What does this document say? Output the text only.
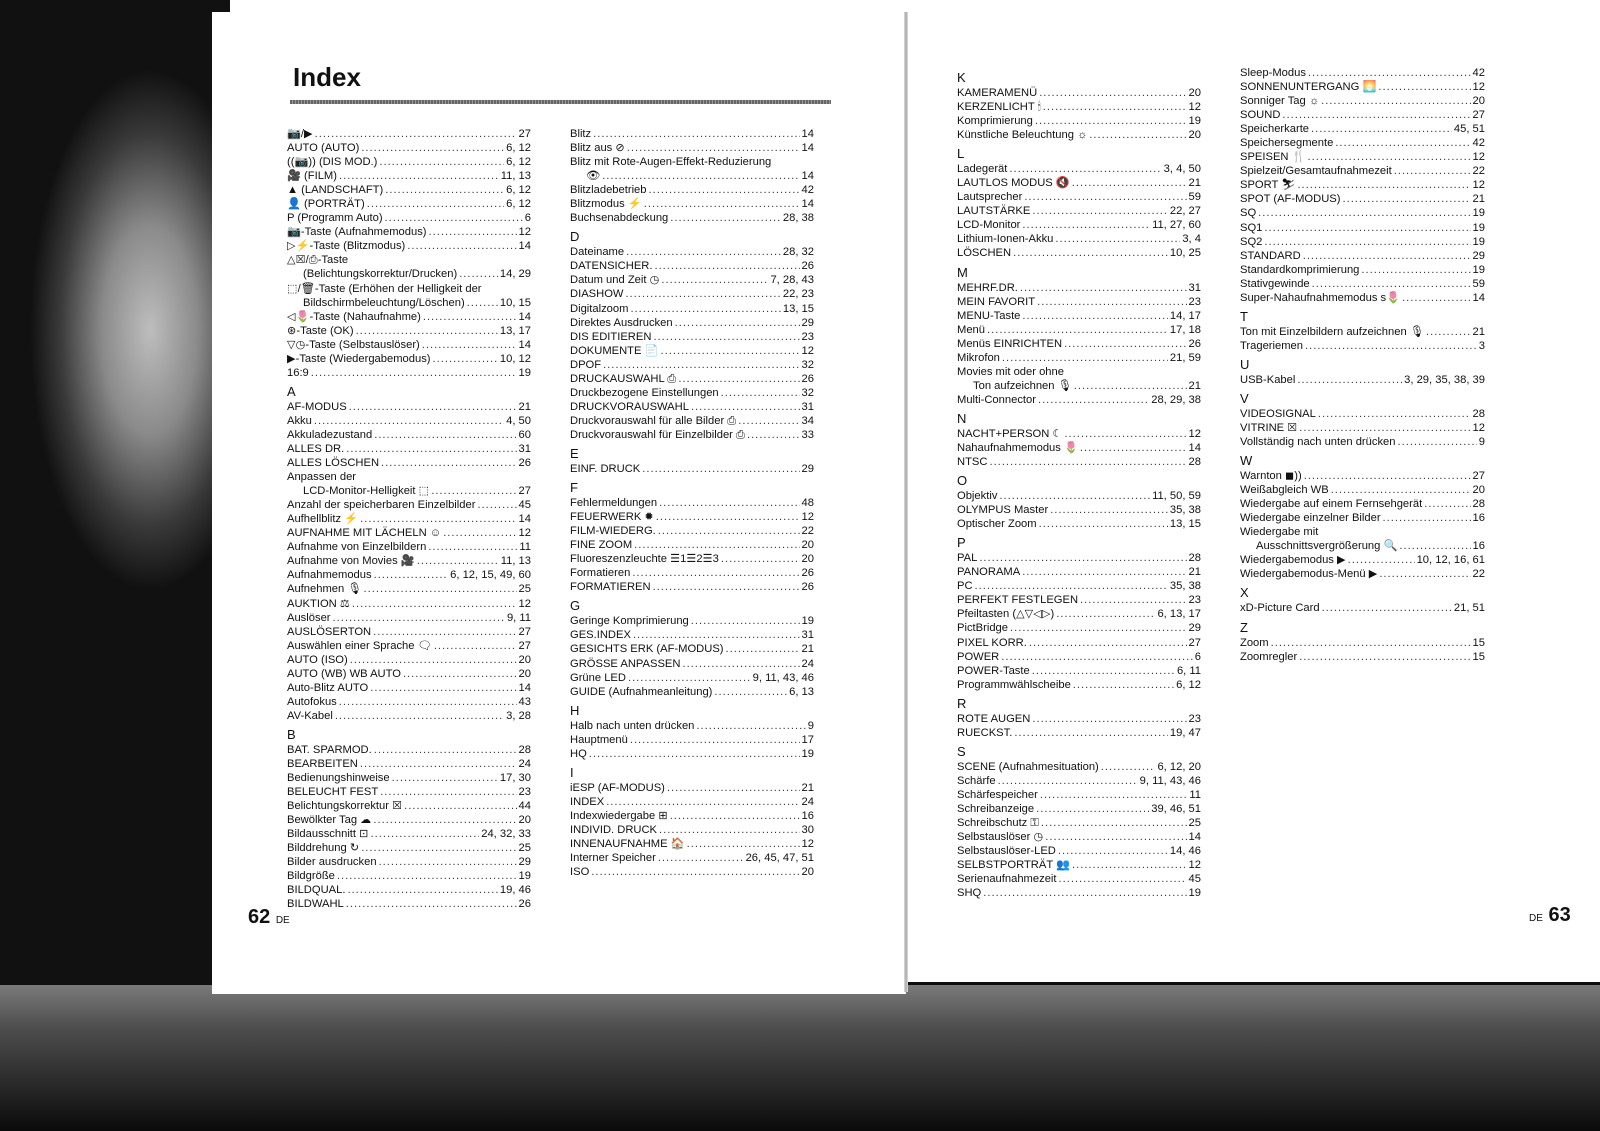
Index
📷/▶ .....	27
AUTO (AUTO) .....	6, 12
((📷)) (DIS MOD.) .....	6, 12
🎥 (FILM) .....	11, 13
▲ (LANDSCHAFT) .....	6, 12
👤 (PORTRÄT) .....	6, 12
P (Programm Auto) .....	6
📷-Taste (Aufnahmemodus) .....	12
▷⚡-Taste (Blitzmodus) .....	14
△☒/⎙-Taste
(Belichtungskorrektur/Drucken) .....	14, 29
⬚/🗑-Taste (Erhöhen der Helligkeit der
Bildschirmbeleuchtung/Löschen) .....	10, 15
◁🌷-Taste (Nahaufnahme) .....	14
⊛-Taste (OK) .....	13, 17
▽◷-Taste (Selbstauslöser) .....	14
▶-Taste (Wiedergabemodus) .....	10, 12
16:9 .....	19
A
AF-MODUS .....	21
Akku .....	4, 50
Akkuladezustand .....	60
ALLES DR. .....	31
ALLES LÖSCHEN .....	26
Anpassen der
LCD-Monitor-Helligkeit ⬚ .....	27
Anzahl der speicherbaren Einzelbilder .....	45
Aufhellblitz ⚡ .....	14
AUFNAHME MIT LÄCHELN ☺ .....	12
Aufnahme von Einzelbildern .....	11
Aufnahme von Movies 🎥 .....	11, 13
Aufnahmemodus .....	6, 12, 15, 49, 60
Aufnehmen 🎙 .....	25
AUKTION ⚖ .....	12
Auslöser .....	9, 11
AUSLÖSERTON .....	27
Auswählen einer Sprache 🗨 .....	27
AUTO (ISO) .....	20
AUTO (WB) WB AUTO .....	20
Auto-Blitz AUTO .....	14
Autofokus .....	43
AV-Kabel .....	3, 28
B
BAT. SPARMOD. .....	28
BEARBEITEN .....	24
Bedienungshinweise .....	17, 30
BELEUCHT FEST .....	23
Belichtungskorrektur ☒ .....	44
Bewölkter Tag ☁ .....	20
Bildausschnitt ⊡ .....	24, 32, 33
Bilddrehung ↻ .....	25
Bilder ausdrucken .....	29
Bildgröße .....	19
BILDQUAL. .....	19, 46
BILDWAHL .....	26
Blitz .....	14
Blitz aus ⊘ .....	14
Blitz mit Rote-Augen-Effekt-Reduzierung
👁 .....	14
Blitzladebetrieb .....	42
Blitzmodus ⚡ .....	14
Buchsenabdeckung .....	28, 38
D
Dateiname .....	28, 32
DATENSICHER. .....	26
Datum und Zeit ◷ .....	7, 28, 43
DIASHOW .....	22, 23
Digitalzoom .....	13, 15
Direktes Ausdrucken .....	29
DIS EDITIEREN .....	23
DOKUMENTE 📄 .....	12
DPOF .....	32
DRUCKAUSWAHL ⎙ .....	26
Druckbezogene Einstellungen .....	32
DRUCKVORAUSWAHL .....	31
Druckvorauswahl für alle Bilder ⎙ .....	34
Druckvorauswahl für Einzelbilder ⎙ .....	33
E
EINF. DRUCK .....	29
F
Fehlermeldungen .....	48
FEUERWERK ✹ .....	12
FILM-WIEDERG. .....	22
FINE ZOOM .....	20
Fluoreszenzleuchte ☰1☰2☰3 .....	20
Formatieren .....	26
FORMATIEREN .....	26
G
Geringe Komprimierung .....	19
GES.INDEX .....	31
GESICHTS ERK (AF-MODUS) .....	21
GRÖSSE ANPASSEN .....	24
Grüne LED .....	9, 11, 43, 46
GUIDE (Aufnahmeanleitung) .....	6, 13
H
Halb nach unten drücken .....	9
Hauptmenü .....	17
HQ .....	19
I
iESP (AF-MODUS) .....	21
INDEX .....	24
Indexwiedergabe ⊞ .....	16
INDIVID. DRUCK .....	30
INNENAUFNAHME 🏠 .....	12
Interner Speicher .....	26, 45, 47, 51
ISO .....	20
K
KAMERAMENÜ .....	20
KERZENLICHT 🕯 .....	12
Komprimierung .....	19
Künstliche Beleuchtung ☼ .....	20
L
Ladegerät .....	3, 4, 50
LAUTLOS MODUS 🔇 .....	21
Lautsprecher .....	59
LAUTSTÄRKE .....	22, 27
LCD-Monitor .....	11, 27, 60
Lithium-Ionen-Akku .....	3, 4
LÖSCHEN .....	10, 25
M
MEHRF.DR. .....	31
MEIN FAVORIT .....	23
MENU-Taste .....	14, 17
Menü .....	17, 18
Menüs EINRICHTEN .....	26
Mikrofon .....	21, 59
Movies mit oder ohne
Ton aufzeichnen 🎙 .....	21
Multi-Connector .....	28, 29, 38
N
NACHT+PERSON ☾ .....	12
Nahaufnahmemodus 🌷 .....	14
NTSC .....	28
O
Objektiv .....	11, 50, 59
OLYMPUS Master .....	35, 38
Optischer Zoom .....	13, 15
P
PAL .....	28
PANORAMA .....	21
PC .....	35, 38
PERFEKT FESTLEGEN .....	23
Pfeiltasten (△▽◁▷) .....	6, 13, 17
PictBridge .....	29
PIXEL KORR. .....	27
POWER .....	6
POWER-Taste .....	6, 11
Programmwählscheibe .....	6, 12
R
ROTE AUGEN .....	23
RUECKST. .....	19, 47
S
SCENE (Aufnahmesituation) .....	6, 12, 20
Schärfe .....	9, 11, 43, 46
Schärfespeicher .....	11
Schreibanzeige .....	39, 46, 51
Schreibschutz ⚿ .....	25
Selbstauslöser ◷ .....	14
Selbstauslöser-LED .....	14, 46
SELBSTPORTRÄT 👥 .....	12
Serienaufnahmezeit .....	45
SHQ .....	19
Sleep-Modus .....	42
SONNENUNTERGANG 🌅 .....	12
Sonniger Tag ☼ .....	20
SOUND .....	27
Speicherkarte .....	45, 51
Speichersegmente .....	42
SPEISEN 🍴 .....	12
Spielzeit/Gesamtaufnahmezeit .....	22
SPORT ⛷ .....	12
SPOT (AF-MODUS) .....	21
SQ .....	19
SQ1 .....	19
SQ2 .....	19
STANDARD .....	29
Standardkomprimierung .....	19
Stativgewinde .....	59
Super-Nahaufnahmemodus s🌷 .....	14
T
Ton mit Einzelbildern aufzeichnen 🎙 .....	21
Trageriemen .....	3
U
USB-Kabel .....	3, 29, 35, 38, 39
V
VIDEOSIGNAL .....	28
VITRINE ☒ .....	12
Vollständig nach unten drücken .....	9
W
Warnton ◼)) .....	27
Weißabgleich WB .....	20
Wiedergabe auf einem Fernsehgerät .....	28
Wiedergabe einzelner Bilder .....	16
Wiedergabe mit
Ausschnittsvergrößerung 🔍 .....	16
Wiedergabemodus ▶ .....	10, 12, 16, 61
Wiedergabemodus-Menü ▶ .....	22
X
xD-Picture Card .....	21, 51
Z
Zoom .....	15
Zoomregler .....	15
62 DE	DE 63
